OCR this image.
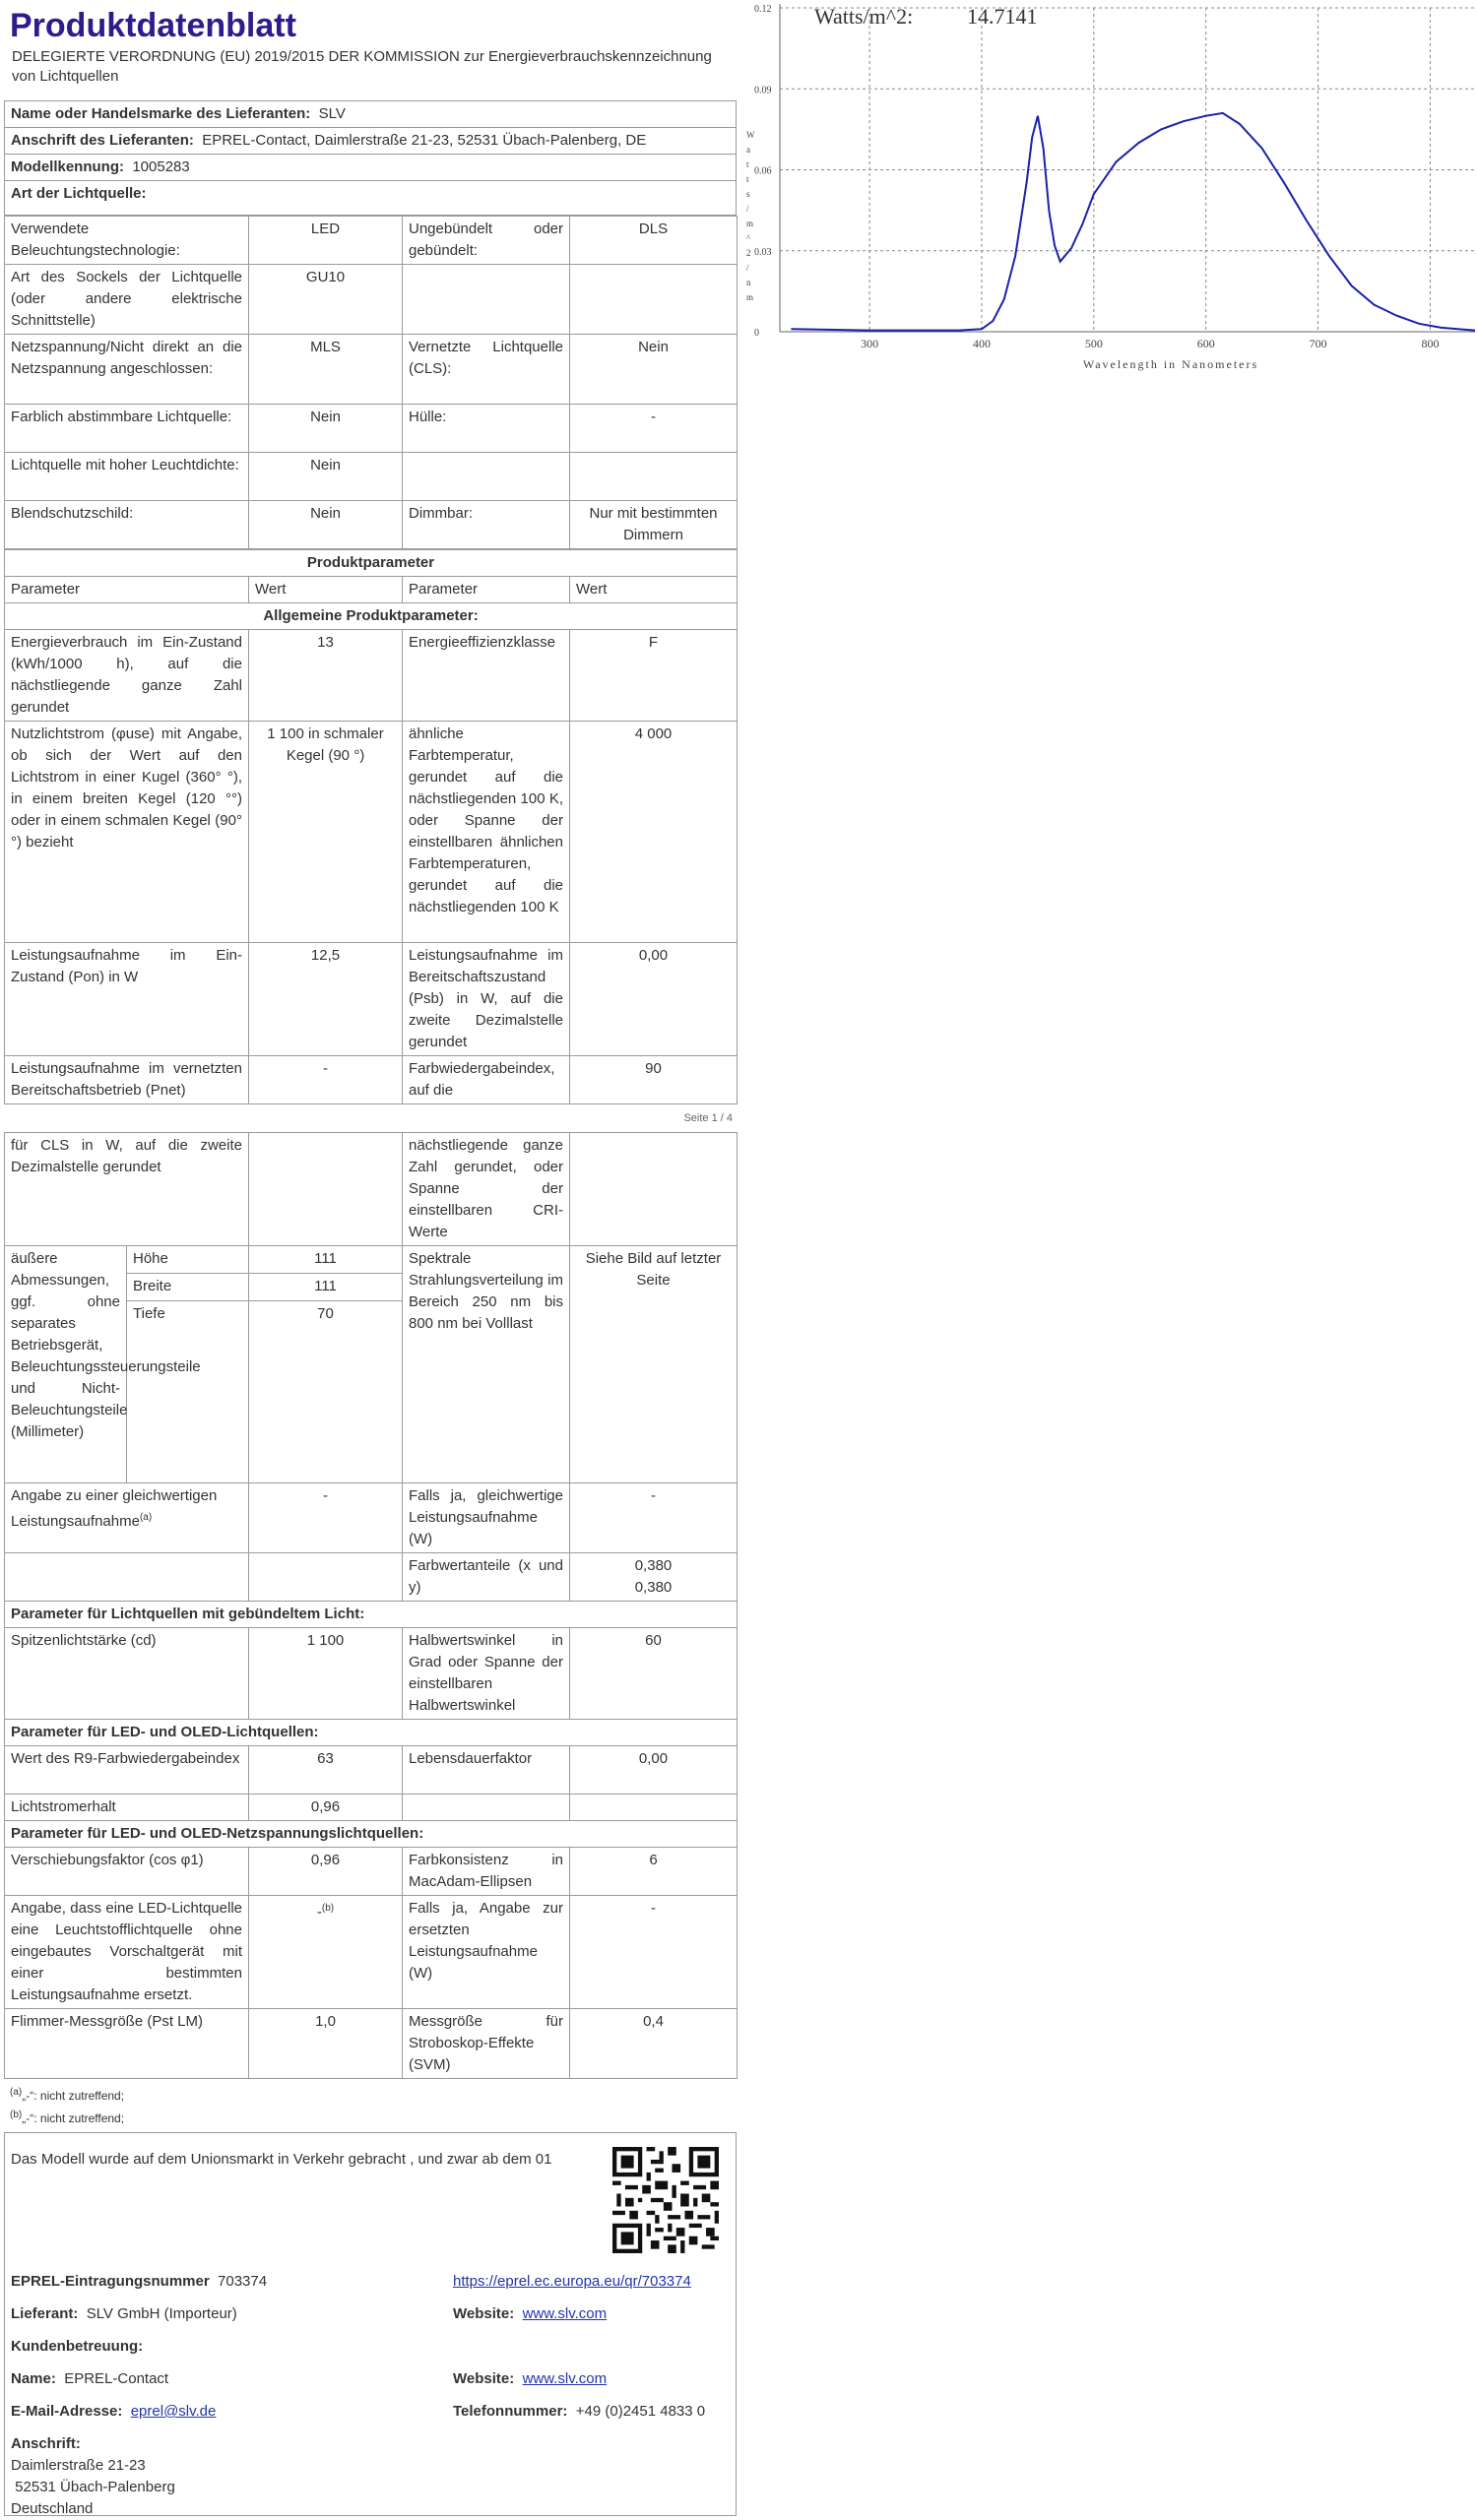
Produktdatenblatt
DELEGIERTE VERORDNUNG (EU) 2019/2015 DER KOMMISSION zur Energieverbrauchskennzeichnung von Lichtquellen
Name oder Handelsmarke des Lieferanten: SLV
Anschrift des Lieferanten: EPREL-Contact, Daimlerstraße 21-23, 52531 Übach-Palenberg, DE
Modellkennung: 1005283
Art der Lichtquelle:
Verwendete Beleuchtungstechnologie:	LED	Ungebündelt oder gebündelt:	DLS
Art des Sockels der Lichtquelle (oder andere elektrische Schnittstelle)	GU10		
Netzspannung/Nicht direkt an die Netzspannung angeschlossen:	MLS	Vernetzte Lichtquelle (CLS):	Nein
Farblich abstimmbare Lichtquelle:	Nein	Hülle:	-
Lichtquelle mit hoher Leuchtdichte:	Nein		
Blendschutzschild:	Nein	Dimmbar:	Nur mit bestimmten Dimmern
Produktparameter			
Parameter	Wert	Parameter	Wert
Allgemeine Produktparameter:			
Energieverbrauch im Ein-Zustand (kWh/1000 h), auf die nächstliegende ganze Zahl gerundet	13	Energieeffizienzklasse	F
Nutzlichtstrom (φuse) mit Angabe, ob sich der Wert auf den Lichtstrom in einer Kugel (360° °), in einem breiten Kegel (120 °°) oder in einem schmalen Kegel (90° °) bezieht	1 100 in schmaler Kegel (90 °)	ähnliche Farbtemperatur, gerundet auf die nächstliegenden 100 K, oder Spanne der einstellbaren ähnlichen Farbtemperaturen, gerundet auf die nächstliegenden 100 K	4 000
Leistungsaufnahme im Ein-Zustand (Pon) in W	12,5	Leistungsaufnahme im Bereitschaftszustand (Psb) in W, auf die zweite Dezimalstelle gerundet	0,00
Leistungsaufnahme im vernetzten Bereitschaftsbetrieb (Pnet)	-	Farbwiedergabeindex, auf die	90
Seite 1 / 4
für CLS in W, auf die zweite Dezimalstelle gerundet			nächstliegende ganze Zahl gerundet, oder Spanne der einstellbaren CRI-Werte	
äußere Abmessungen, ggf. ohne separates Betriebsgerät, Beleuchtungssteuerungsteile und Nicht-Beleuchtungsteile (Millimeter)	Höhe	111	Spektrale Strahlungsverteilung im Bereich 250 nm bis 800 nm bei Volllast	Siehe Bild auf letzter Seite
	Breite	111		
	Tiefe	70		
Angabe zu einer gleichwertigen Leistungsaufnahme$^{(a)}$		-	Falls ja, gleichwertige Leistungsaufnahme (W)	-
			Farbwertanteile (x und y)	0,380
0,380

Parameter für Lichtquellen mit gebündeltem Licht:				
Spitzenlichtstärke (cd)		1 100	Halbwertswinkel in Grad oder Spanne der einstellbaren Halbwertswinkel	60
Parameter für LED- und OLED-Lichtquellen:				
Wert des R9-Farbwiedergabeindex		63	Lebensdauerfaktor	0,00
Lichtstromerhalt		0,96		
Parameter für LED- und OLED-Netzspannungslichtquellen:				
Verschiebungsfaktor (cos φ1)		0,96	Farbkonsistenz in MacAdam-Ellipsen	6
Angabe, dass eine LED-Lichtquelle eine Leuchtstofflichtquelle ohne eingebautes Vorschaltgerät mit einer bestimmten Leistungsaufnahme ersetzt.		-$^{(b)}$	Falls ja, Angabe zur ersetzten Leistungsaufnahme (W)	-
Flimmer-Messgröße (Pst LM)		1,0	Messgröße für Stroboskop-Effekte (SVM)	0,4
$^{(a)}$„-“: nicht zutreffend;
$^{(b)}$„-“: nicht zutreffend;
Das Modell wurde auf dem Unionsmarkt in Verkehr gebracht , und zwar ab dem 01
EPREL-Eintragungsnummer 703374	https://eprel.ec.europa.eu/qr/703374
Lieferant: SLV GmbH (Importeur)	Website: www.slv.com
Kundenbetreuung:
Name: EPREL-Contact	Website: www.slv.com
E-Mail-Adresse: eprel@slv.de	Telefonnummer: +49 (0)2451 4833 0
Anschrift:
Daimlerstraße 21-23
52531 Übach-Palenberg
Deutschland
Watts/m^2: 14.7141
Wavelength in Nanometers
0
0.03
0.06
0.09
0.12
300	400	500	600	700	800
W
a
t
t
s
/
m
^
2
/
n
m
